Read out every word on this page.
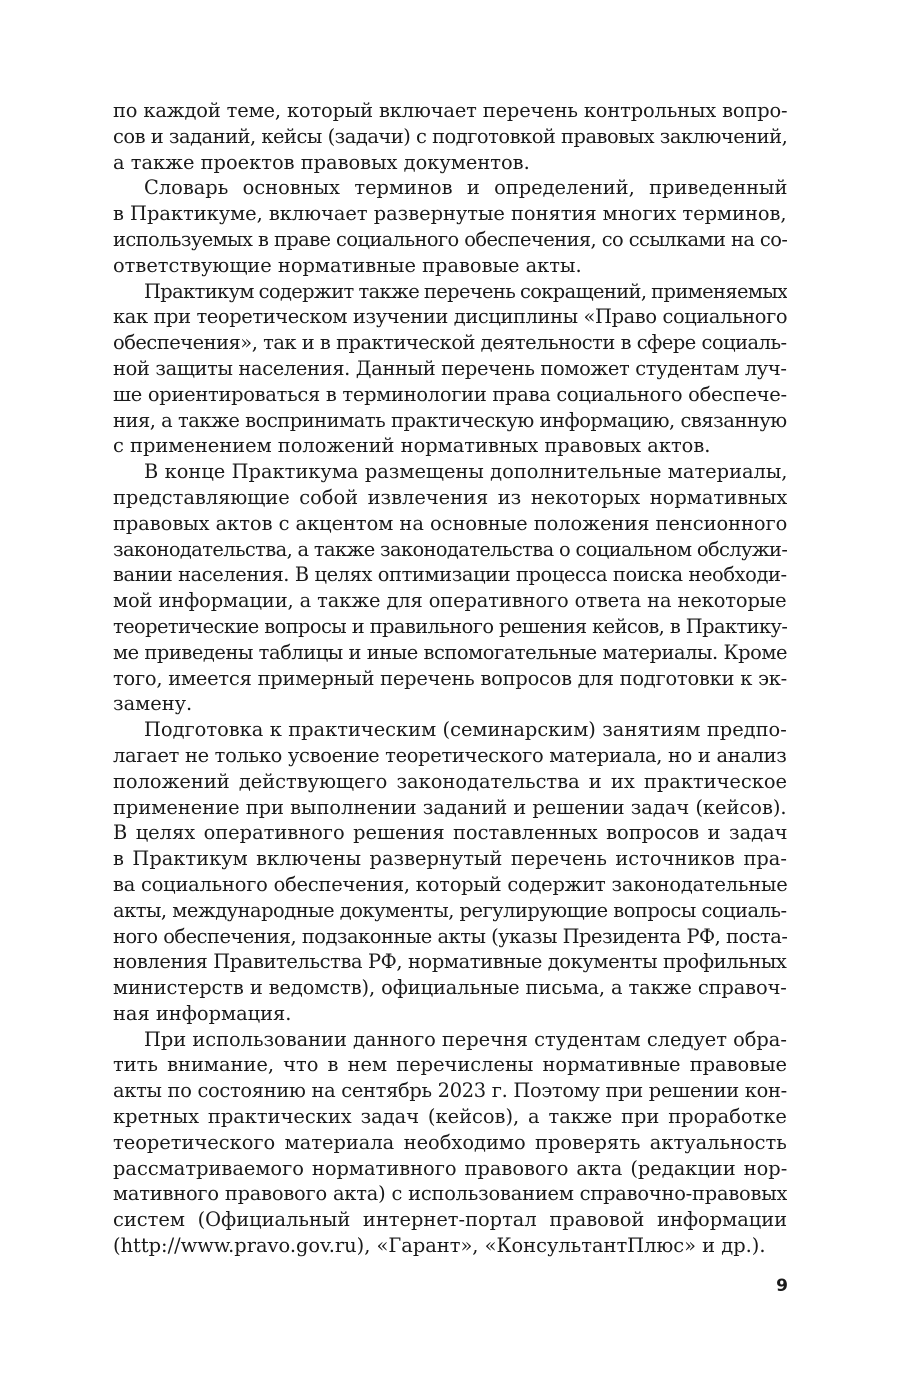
по каждой теме, который включает перечень контрольных вопро-
сов и заданий, кейсы (задачи) с подготовкой правовых заключений,
а также проектов правовых документов.
Словарь основных терминов и определений, приведенный
в Практикуме, включает развернутые понятия многих терминов,
используемых в праве социального обеспечения, со ссылками на со-
ответствующие нормативные правовые акты.
Практикум содержит также перечень сокращений, применяемых
как при теоретическом изучении дисциплины «Право социального
обеспечения», так и в практической деятельности в сфере социаль-
ной защиты населения. Данный перечень поможет студентам луч-
ше ориентироваться в терминологии права социального обеспече-
ния, а также воспринимать практическую информацию, связанную
с применением положений нормативных правовых актов.
В конце Практикума размещены дополнительные материалы,
представляющие собой извлечения из некоторых нормативных
правовых актов с акцентом на основные положения пенсионного
законодательства, а также законодательства о социальном обслужи-
вании населения. В целях оптимизации процесса поиска необходи-
мой информации, а также для оперативного ответа на некоторые
теоретические вопросы и правильного решения кейсов, в Практику-
ме приведены таблицы и иные вспомогательные материалы. Кроме
того, имеется примерный перечень вопросов для подготовки к эк-
замену.
Подготовка к практическим (семинарским) занятиям предпо-
лагает не только усвоение теоретического материала, но и анализ
положений действующего законодательства и их практическое
применение при выполнении заданий и решении задач (кейсов).
В целях оперативного решения поставленных вопросов и задач
в Практикум включены развернутый перечень источников пра-
ва социального обеспечения, который содержит законодательные
акты, международные документы, регулирующие вопросы социаль-
ного обеспечения, подзаконные акты (указы Президента РФ, поста-
новления Правительства РФ, нормативные документы профильных
министерств и ведомств), официальные письма, а также справоч-
ная информация.
При использовании данного перечня студентам следует обра-
тить внимание, что в нем перечислены нормативные правовые
акты по состоянию на сентябрь 2023 г. Поэтому при решении кон-
кретных практических задач (кейсов), а также при проработке
теоретического материала необходимо проверять актуальность
рассматриваемого нормативного правового акта (редакции нор-
мативного правового акта) с использованием справочно-правовых
систем (Официальный интернет-портал правовой информации
(http://www.pravo.gov.ru), «Гарант», «КонсультантПлюс» и др.).
9
